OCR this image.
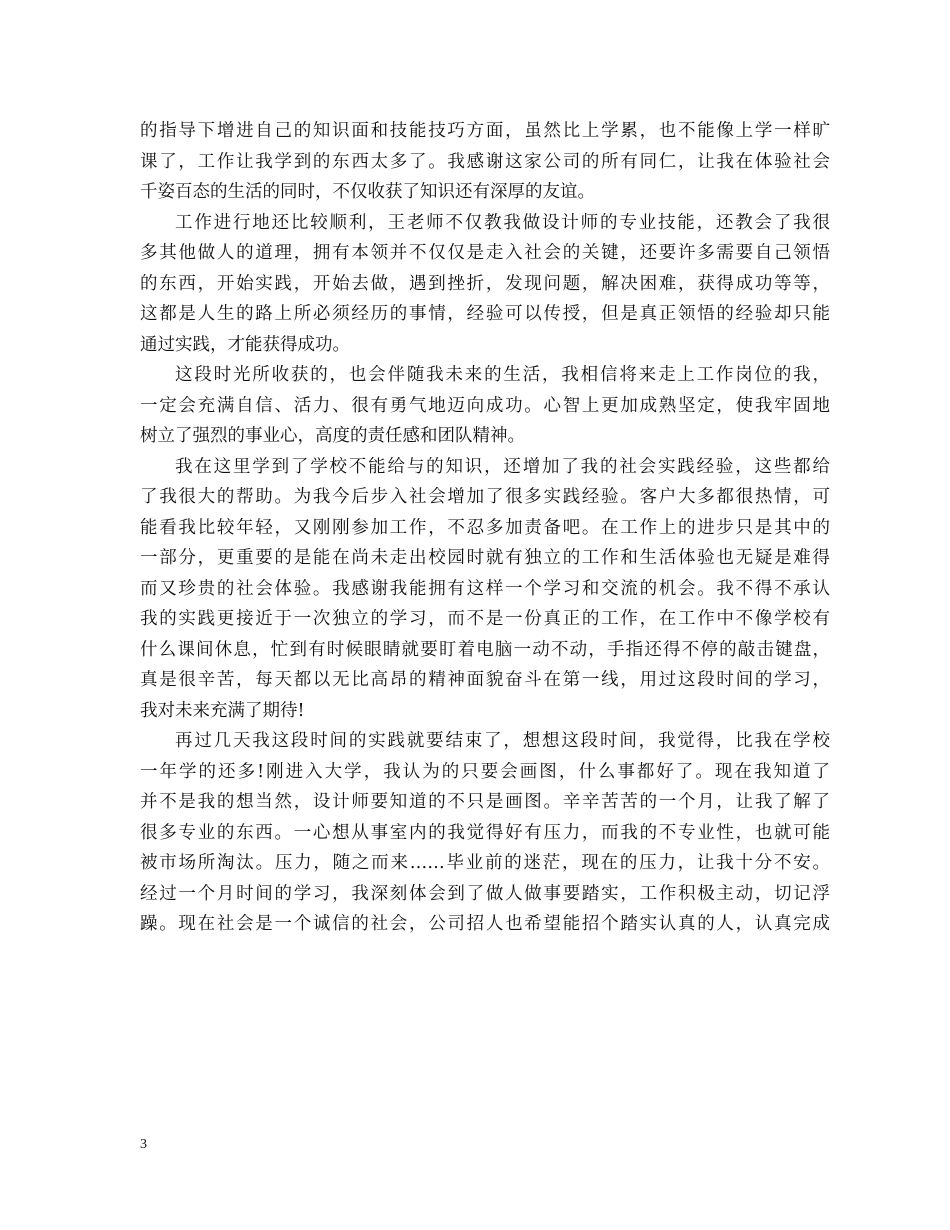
的指导下增进自己的知识面和技能技巧方面，虽然比上学累，也不能像上学一样旷
课了，工作让我学到的东西太多了。我感谢这家公司的所有同仁，让我在体验社会
千姿百态的生活的同时，不仅收获了知识还有深厚的友谊。
工作进行地还比较顺利，王老师不仅教我做设计师的专业技能，还教会了我很
多其他做人的道理，拥有本领并不仅仅是走入社会的关键，还要许多需要自己领悟
的东西，开始实践，开始去做，遇到挫折，发现问题，解决困难，获得成功等等，
这都是人生的路上所必须经历的事情，经验可以传授，但是真正领悟的经验却只能
通过实践，才能获得成功。
这段时光所收获的，也会伴随我未来的生活，我相信将来走上工作岗位的我，
一定会充满自信、活力、很有勇气地迈向成功。心智上更加成熟坚定，使我牢固地
树立了强烈的事业心，高度的责任感和团队精神。
我在这里学到了学校不能给与的知识，还增加了我的社会实践经验，这些都给
了我很大的帮助。为我今后步入社会增加了很多实践经验。客户大多都很热情，可
能看我比较年轻，又刚刚参加工作，不忍多加责备吧。在工作上的进步只是其中的
一部分，更重要的是能在尚未走出校园时就有独立的工作和生活体验也无疑是难得
而又珍贵的社会体验。我感谢我能拥有这样一个学习和交流的机会。我不得不承认
我的实践更接近于一次独立的学习，而不是一份真正的工作，在工作中不像学校有
什么课间休息，忙到有时候眼睛就要盯着电脑一动不动，手指还得不停的敲击键盘，
真是很辛苦，每天都以无比高昂的精神面貌奋斗在第一线，用过这段时间的学习，
我对未来充满了期待!
再过几天我这段时间的实践就要结束了，想想这段时间，我觉得，比我在学校
一年学的还多!刚进入大学，我认为的只要会画图，什么事都好了。现在我知道了
并不是我的想当然，设计师要知道的不只是画图。辛辛苦苦的一个月，让我了解了
很多专业的东西。一心想从事室内的我觉得好有压力，而我的不专业性，也就可能
被市场所淘汰。压力，随之而来……毕业前的迷茫，现在的压力，让我十分不安。
经过一个月时间的学习，我深刻体会到了做人做事要踏实，工作积极主动，切记浮
躁。现在社会是一个诚信的社会，公司招人也希望能招个踏实认真的人，认真完成
3
